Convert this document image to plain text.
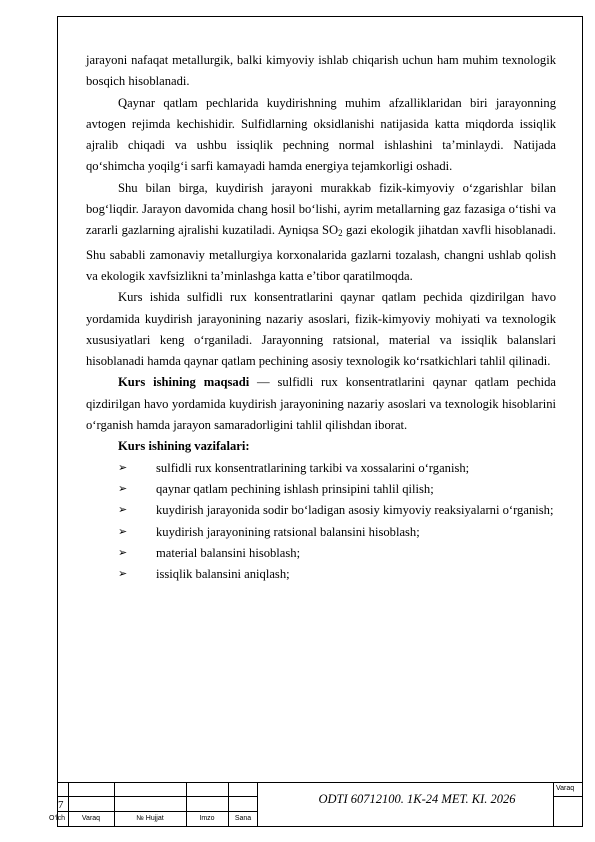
jarayoni nafaqat metallurgik, balki kimyoviy ishlab chiqarish uchun ham muhim texnologik bosqich hisoblanadi.

Qaynar qatlam pechlarida kuydirishning muhim afzalliklaridan biri jarayonning avtogen rejimda kechishidir. Sulfidlarning oksidlanishi natijasida katta miqdorda issiqlik ajralib chiqadi va ushbu issiqlik pechning normal ishlashini ta’minlaydi. Natijada qo‘shimcha yoqilg‘i sarfi kamayadi hamda energiya tejamkorligi oshadi.

Shu bilan birga, kuydirish jarayoni murakkab fizik-kimyoviy o‘zgarishlar bilan bog‘liqdir. Jarayon davomida chang hosil bo‘lishi, ayrim metallarning gaz fazasiga o‘tishi va zararli gazlarning ajralishi kuzatiladi. Ayniqsa $SO_2$ gazi ekologik jihatdan xavfli hisoblanadi. Shu sababli zamonaviy metallurgiya korxonalarida gazlarni tozalash, changni ushlab qolish va ekologik xavfsizlikni ta’minlashga katta e’tibor qaratilmoqda.

Kurs ishida sulfidli rux konsentratlarini qaynar qatlam pechida qizdirilgan havo yordamida kuydirish jarayonining nazariy asoslari, fizik-kimyoviy mohiyati va texnologik xususiyatlari keng o‘rganiladi. Jarayonning ratsional, material va issiqlik balanslari hisoblanadi hamda qaynar qatlam pechining asosiy texnologik ko‘rsatkichlari tahlil qilinadi.

Kurs ishining maqsadi — sulfidli rux konsentratlarini qaynar qatlam pechida qizdirilgan havo yordamida kuydirish jarayonining nazariy asoslari va texnologik hisoblarini o‘rganish hamda jarayon samaradorligini tahlil qilishdan iborat.

Kurs ishining vazifalari:

➢ sulfidli rux konsentratlarining tarkibi va xossalarini o‘rganish;

➢ qaynar qatlam pechining ishlash prinsipini tahlil qilish;

➢ kuydirish jarayonida sodir bo‘ladigan asosiy kimyoviy reaksiyalarni o‘rganish;

➢ kuydirish jarayonining ratsional balansini hisoblash;

➢ material balansini hisoblash;

➢ issiqlik balansini aniqlash;

7	ODTI 60712100. 1K-24 MET. KI. 2026
Varaq
O‘lch	Varaq	№ Hujjat	Imzo	Sana
